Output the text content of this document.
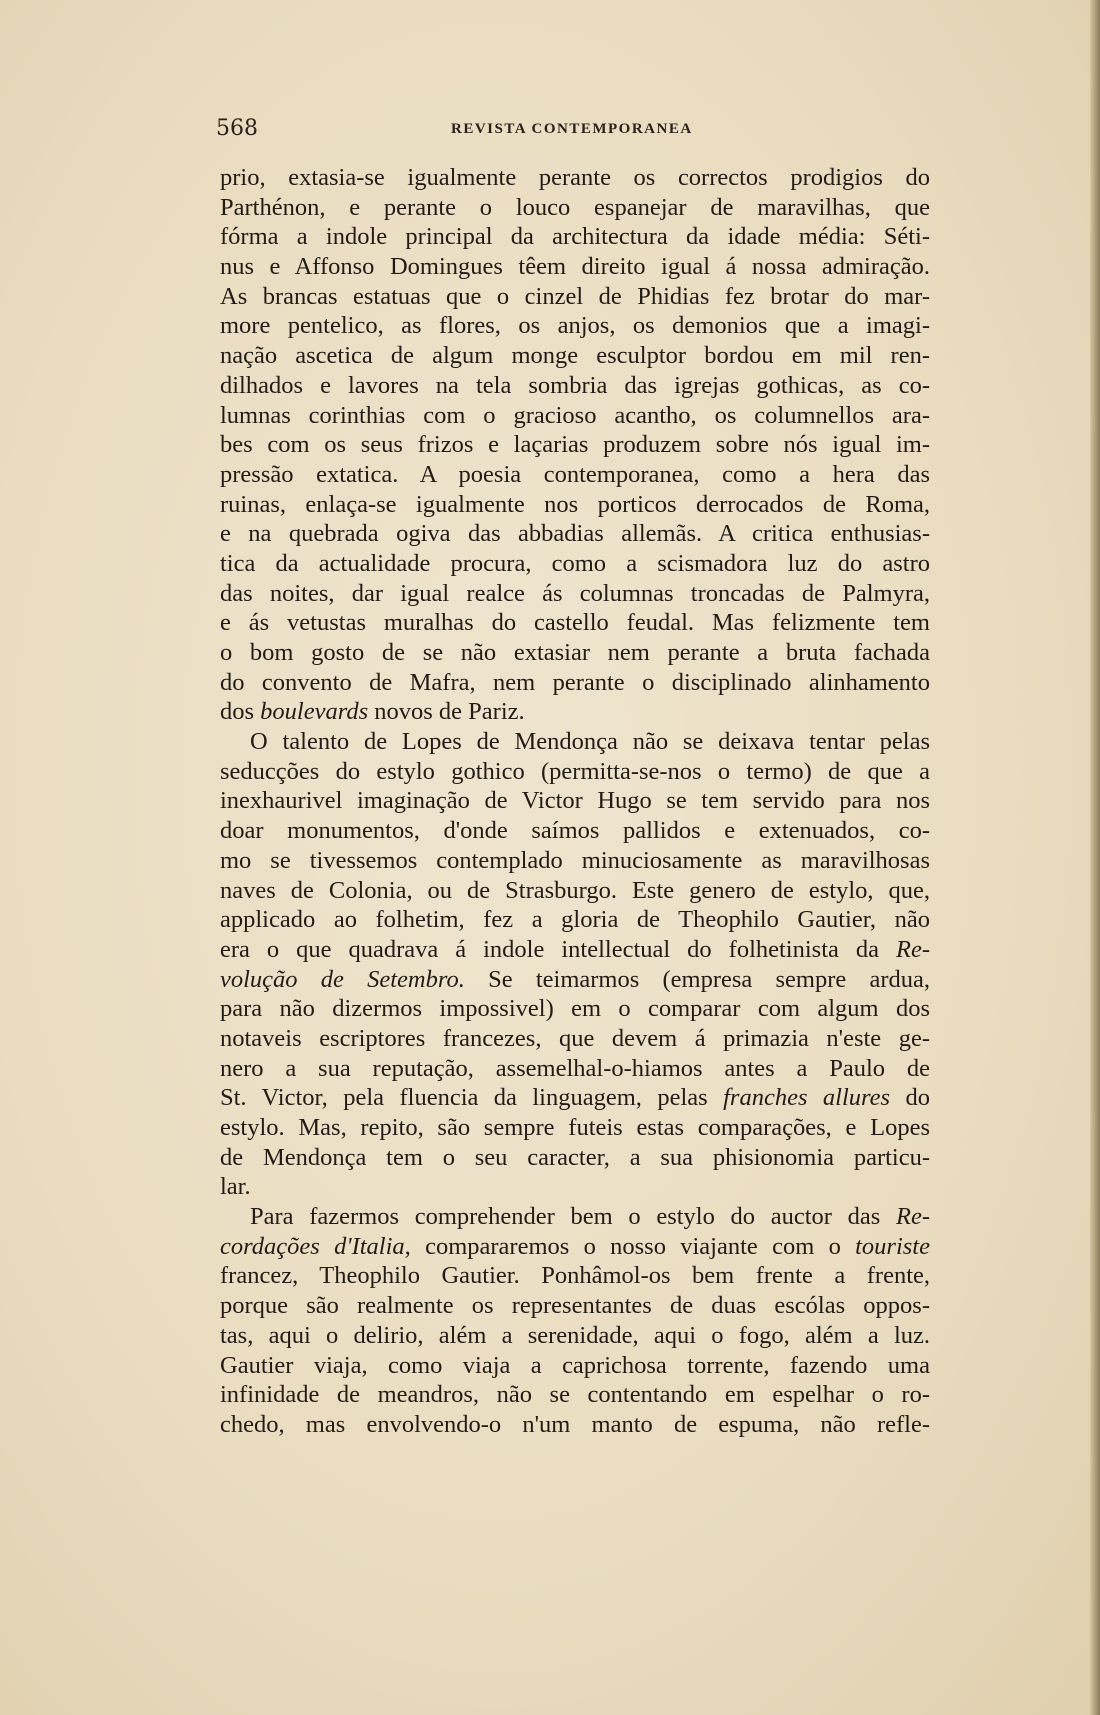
568	REVISTA CONTEMPORANEA
prio, extasia-se igualmente perante os correctos prodigios do
Parthénon, e perante o louco espanejar de maravilhas, que
fórma a indole principal da architectura da idade média: Séti-
nus e Affonso Domingues têem direito igual á nossa admiração.
As brancas estatuas que o cinzel de Phidias fez brotar do mar-
more pentelico, as flores, os anjos, os demonios que a imagi-
nação ascetica de algum monge esculptor bordou em mil ren-
dilhados e lavores na tela sombria das igrejas gothicas, as co-
lumnas corinthias com o gracioso acantho, os columnellos ara-
bes com os seus frizos e laçarias produzem sobre nós igual im-
pressão extatica. A poesia contemporanea, como a hera das
ruinas, enlaça-se igualmente nos porticos derrocados de Roma,
e na quebrada ogiva das abbadias allemãs. A critica enthusias-
tica da actualidade procura, como a scismadora luz do astro
das noites, dar igual realce ás columnas troncadas de Palmyra,
e ás vetustas muralhas do castello feudal. Mas felizmente tem
o bom gosto de se não extasiar nem perante a bruta fachada
do convento de Mafra, nem perante o disciplinado alinhamento
dos boulevards novos de Pariz.
O talento de Lopes de Mendonça não se deixava tentar pelas
seducções do estylo gothico (permitta-se-nos o termo) de que a
inexhaurivel imaginação de Victor Hugo se tem servido para nos
doar monumentos, d'onde saímos pallidos e extenuados, co-
mo se tivessemos contemplado minuciosamente as maravilhosas
naves de Colonia, ou de Strasburgo. Este genero de estylo, que,
applicado ao folhetim, fez a gloria de Theophilo Gautier, não
era o que quadrava á indole intellectual do folhetinista da Re-
volução de Setembro. Se teimarmos (empresa sempre ardua,
para não dizermos impossivel) em o comparar com algum dos
notaveis escriptores francezes, que devem á primazia n'este ge-
nero a sua reputação, assemelhal-o-hiamos antes a Paulo de
St. Victor, pela fluencia da linguagem, pelas franches allures do
estylo. Mas, repito, são sempre futeis estas comparações, e Lopes
de Mendonça tem o seu caracter, a sua phisionomia particu-
lar.
Para fazermos comprehender bem o estylo do auctor das Re-
cordações d'Italia, compararemos o nosso viajante com o touriste
francez, Theophilo Gautier. Ponhâmol-os bem frente a frente,
porque são realmente os representantes de duas escólas oppos-
tas, aqui o delirio, além a serenidade, aqui o fogo, além a luz.
Gautier viaja, como viaja a caprichosa torrente, fazendo uma
infinidade de meandros, não se contentando em espelhar o ro-
chedo, mas envolvendo-o n'um manto de espuma, não refle-
